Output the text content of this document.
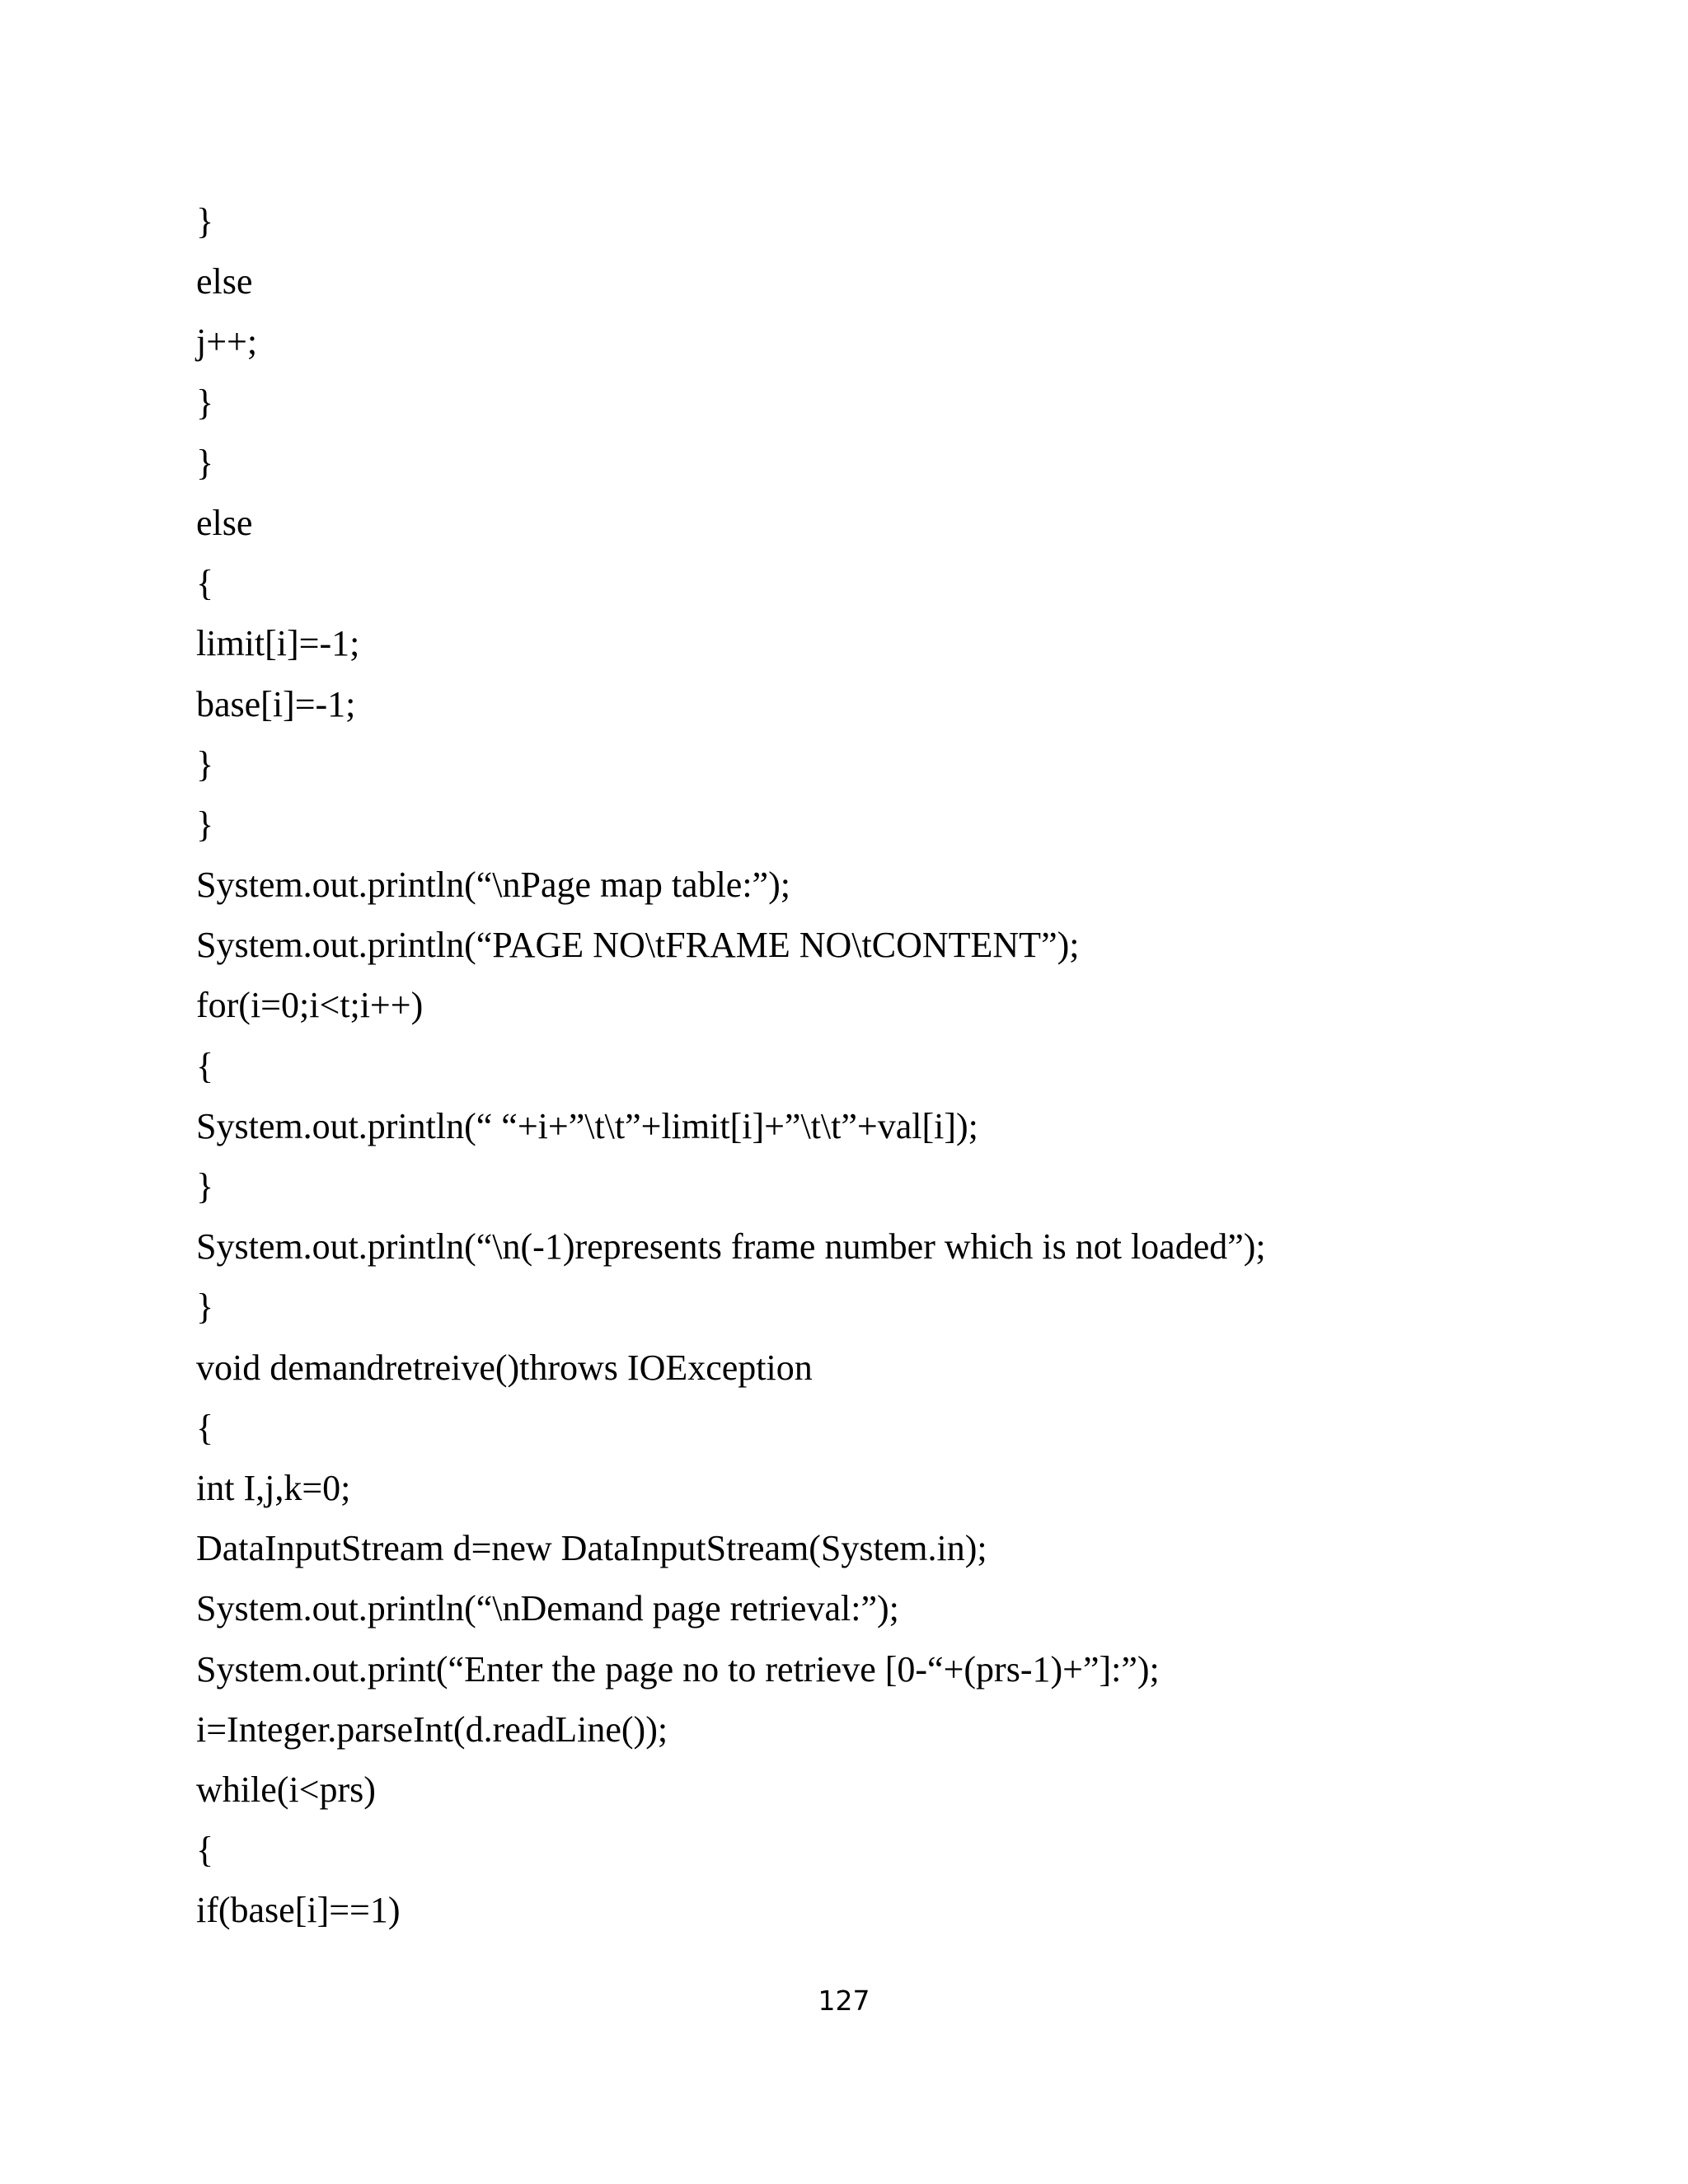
}
else
j++;
}
}
else
{
limit[i]=-1;
base[i]=-1;
}
}
System.out.println(“\nPage map table:”);
System.out.println(“PAGE NO\tFRAME NO\tCONTENT”);
for(i=0;i<t;i++)
{
System.out.println(“ “+i+”\t\t”+limit[i]+”\t\t”+val[i]);
}
System.out.println(“\n(-1)represents frame number which is not loaded”);
}
void demandretreive()throws IOException
{
int I,j,k=0;
DataInputStream d=new DataInputStream(System.in);
System.out.println(“\nDemand page retrieval:”);
System.out.print(“Enter the page no to retrieve [0-“+(prs-1)+”]:”);
i=Integer.parseInt(d.readLine());
while(i<prs)
{
if(base[i]==1)
127
